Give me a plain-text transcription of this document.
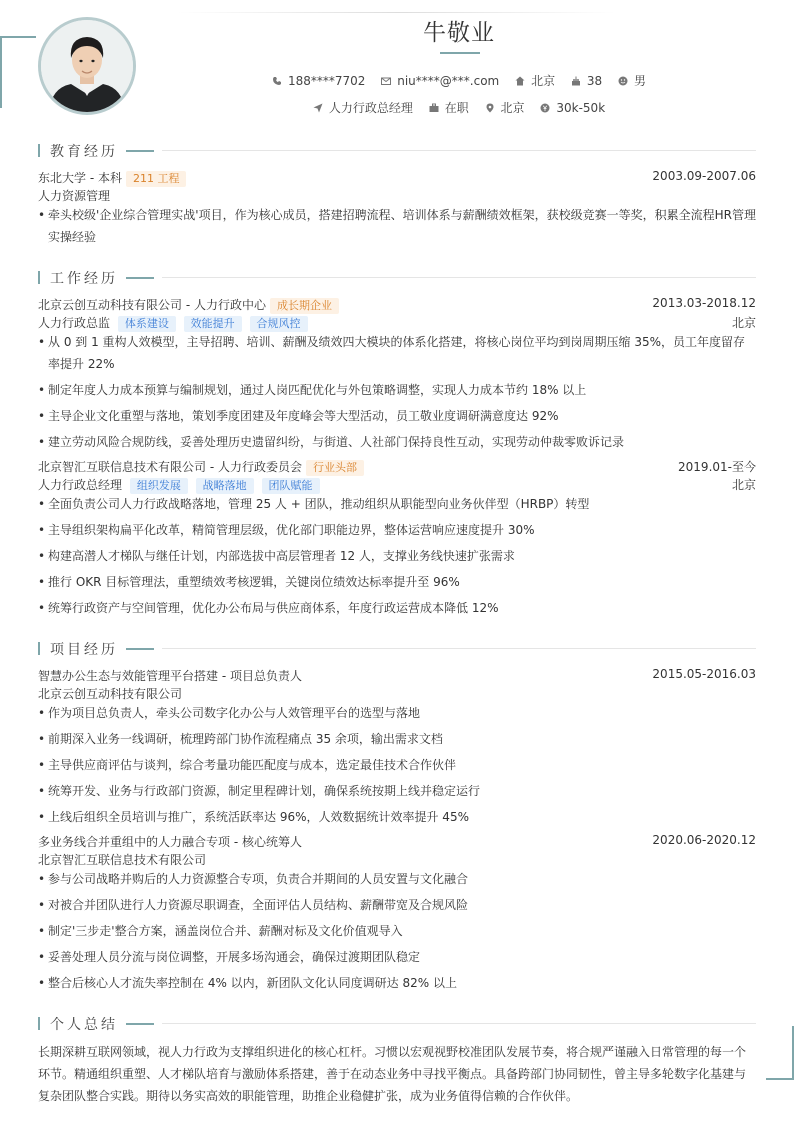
牛敬业
188****7702	niu****@***.com	北京	38	男
人力行政总经理	在职	北京	30k-50k
教育经历
东北大学 - 本科 211 工程	2003.09-2007.06
人力资源管理
• 牵头校级'企业综合管理实战'项目，作为核心成员，搭建招聘流程、培训体系与薪酬绩效框架，获校级竞赛一等奖，积累全流程HR管理实操经验
工作经历
北京云创互动科技有限公司 - 人力行政中心 成长期企业	2013.03-2018.12
人力行政总监 体系建设 效能提升 合规风控	北京
• 从 0 到 1 重构人效模型，主导招聘、培训、薪酬及绩效四大模块的体系化搭建，将核心岗位平均到岗周期压缩 35%，员工年度留存率提升 22%
• 制定年度人力成本预算与编制规划，通过人岗匹配优化与外包策略调整，实现人力成本节约 18% 以上
• 主导企业文化重塑与落地，策划季度团建及年度峰会等大型活动，员工敬业度调研满意度达 92%
• 建立劳动风险合规防线，妥善处理历史遗留纠纷，与街道、人社部门保持良性互动，实现劳动仲裁零败诉记录
北京智汇互联信息技术有限公司 - 人力行政委员会 行业头部	2019.01-至今
人力行政总经理 组织发展 战略落地 团队赋能	北京
• 全面负责公司人力行政战略落地，管理 25 人 + 团队，推动组织从职能型向业务伙伴型（HRBP）转型
• 主导组织架构扁平化改革，精简管理层级，优化部门职能边界，整体运营响应速度提升 30%
• 构建高潜人才梯队与继任计划，内部选拔中高层管理者 12 人，支撑业务线快速扩张需求
• 推行 OKR 目标管理法，重塑绩效考核逻辑，关键岗位绩效达标率提升至 96%
• 统筹行政资产与空间管理，优化办公布局与供应商体系，年度行政运营成本降低 12%
项目经历
智慧办公生态与效能管理平台搭建 - 项目总负责人	2015.05-2016.03
北京云创互动科技有限公司
• 作为项目总负责人，牵头公司数字化办公与人效管理平台的选型与落地
• 前期深入业务一线调研，梳理跨部门协作流程痛点 35 余项，输出需求文档
• 主导供应商评估与谈判，综合考量功能匹配度与成本，选定最佳技术合作伙伴
• 统筹开发、业务与行政部门资源，制定里程碑计划，确保系统按期上线并稳定运行
• 上线后组织全员培训与推广，系统活跃率达 96%，人效数据统计效率提升 45%
多业务线合并重组中的人力融合专项 - 核心统筹人	2020.06-2020.12
北京智汇互联信息技术有限公司
• 参与公司战略并购后的人力资源整合专项，负责合并期间的人员安置与文化融合
• 对被合并团队进行人力资源尽职调查，全面评估人员结构、薪酬带宽及合规风险
• 制定'三步走'整合方案，涵盖岗位合并、薪酬对标及文化价值观导入
• 妥善处理人员分流与岗位调整，开展多场沟通会，确保过渡期团队稳定
• 整合后核心人才流失率控制在 4% 以内，新团队文化认同度调研达 82% 以上
个人总结
长期深耕互联网领域，视人力行政为支撑组织进化的核心杠杆。习惯以宏观视野校准团队发展节奏，将合规严谨融入日常管理的每一个环节。精通组织重塑、人才梯队培育与激励体系搭建，善于在动态业务中寻找平衡点。具备跨部门协同韧性，曾主导多轮数字化基建与复杂团队整合实践。期待以务实高效的职能管理，助推企业稳健扩张，成为业务值得信赖的合作伙伴。
